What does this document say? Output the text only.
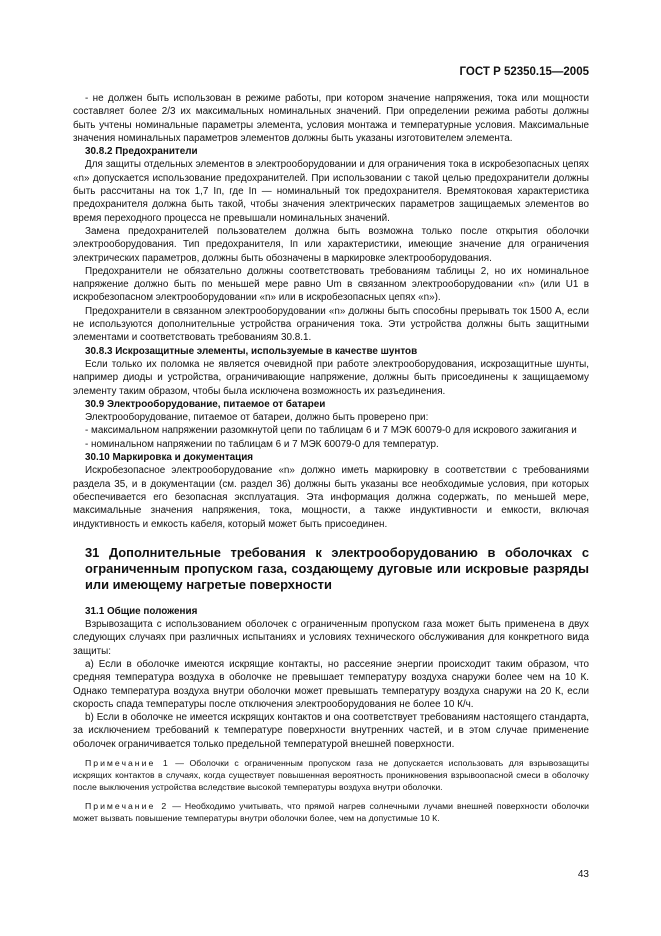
ГОСТ Р 52350.15—2005

- не должен быть использован в режиме работы, при котором значение напряжения, тока или мощности составляет более 2/3 их максимальных номинальных значений. При определении режима работы должны быть учтены номинальные параметры элемента, условия монтажа и температурные условия. Максимальные значения номинальных параметров элементов должны быть указаны изготовителем элемента.

30.8.2 Предохранители

Для защиты отдельных элементов в электрооборудовании и для ограничения тока в искробезопасных цепях «n» допускается использование предохранителей. При использовании с такой целью предохранители должны быть рассчитаны на ток 1,7 Iп, где Iп — номинальный ток предохранителя. Времятоковая характеристика предохранителя должна быть такой, чтобы значения электрических параметров защищаемых элементов во время переходного процесса не превышали номинальных значений.

Замена предохранителей пользователем должна быть возможна только после открытия оболочки электрооборудования. Тип предохранителя, Iп или характеристики, имеющие значение для ограничения электрических параметров, должны быть обозначены в маркировке электрооборудования.

Предохранители не обязательно должны соответствовать требованиям таблицы 2, но их номинальное напряжение должно быть по меньшей мере равно Um в связанном электрооборудовании «n» (или U1 в искробезопасном электрооборудовании «n» или в искробезопасных цепях «n»).

Предохранители в связанном электрооборудовании «n» должны быть способны прерывать ток 1500 А, если не используются дополнительные устройства ограничения тока. Эти устройства должны быть защитными элементами и соответствовать требованиям 30.8.1.

30.8.3 Искрозащитные элементы, используемые в качестве шунтов

Если только их поломка не является очевидной при работе электрооборудования, искрозащитные шунты, например диоды и устройства, ограничивающие напряжение, должны быть присоединены к защищаемому элементу таким образом, чтобы была исключена возможность их разъединения.

30.9 Электрооборудование, питаемое от батареи

Электрооборудование, питаемое от батареи, должно быть проверено при:

- максимальном напряжении разомкнутой цепи по таблицам 6 и 7 МЭК 60079-0 для искрового зажигания и

- номинальном напряжении по таблицам 6 и 7 МЭК 60079-0 для температур.

30.10 Маркировка и документация

Искробезопасное электрооборудование «n» должно иметь маркировку в соответствии с требованиями раздела 35, и в документации (см. раздел 36) должны быть указаны все необходимые условия, при которых обеспечивается его безопасная эксплуатация. Эта информация должна содержать, по меньшей мере, максимальные значения напряжения, тока, мощности, а также индуктивности и емкости, включая индуктивность и емкость кабеля, который может быть присоединен.

31 Дополнительные требования к электрооборудованию в оболочках с ограниченным пропуском газа, создающему дуговые или искровые разряды или имеющему нагретые поверхности

31.1 Общие положения

Взрывозащита с использованием оболочек с ограниченным пропуском газа может быть применена в двух следующих случаях при различных испытаниях и условиях технического обслуживания для конкретного вида защиты:

а) Если в оболочке имеются искрящие контакты, но рассеяние энергии происходит таким образом, что средняя температура воздуха в оболочке не превышает температуру воздуха снаружи более чем на 10 К. Однако температура воздуха внутри оболочки может превышать температуру воздуха снаружи на 20 К, если скорость спада температуры после отключения электрооборудования не более 10 К/ч.

b) Если в оболочке не имеется искрящих контактов и она соответствует требованиям настоящего стандарта, за исключением требований к температуре поверхности внутренних частей, и в этом случае применение оболочек ограничивается только предельной температурой внешней поверхности.

Примечание 1 — Оболочки с ограниченным пропуском газа не допускается использовать для взрывозащиты искрящих контактов в случаях, когда существует повышенная вероятность проникновения взрывоопасной смеси в оболочку после выключения устройства вследствие высокой температуры воздуха внутри оболочки.

Примечание 2 — Необходимо учитывать, что прямой нагрев солнечными лучами внешней поверхности оболочки может вызвать повышение температуры внутри оболочки более, чем на допустимые 10 К.

43
